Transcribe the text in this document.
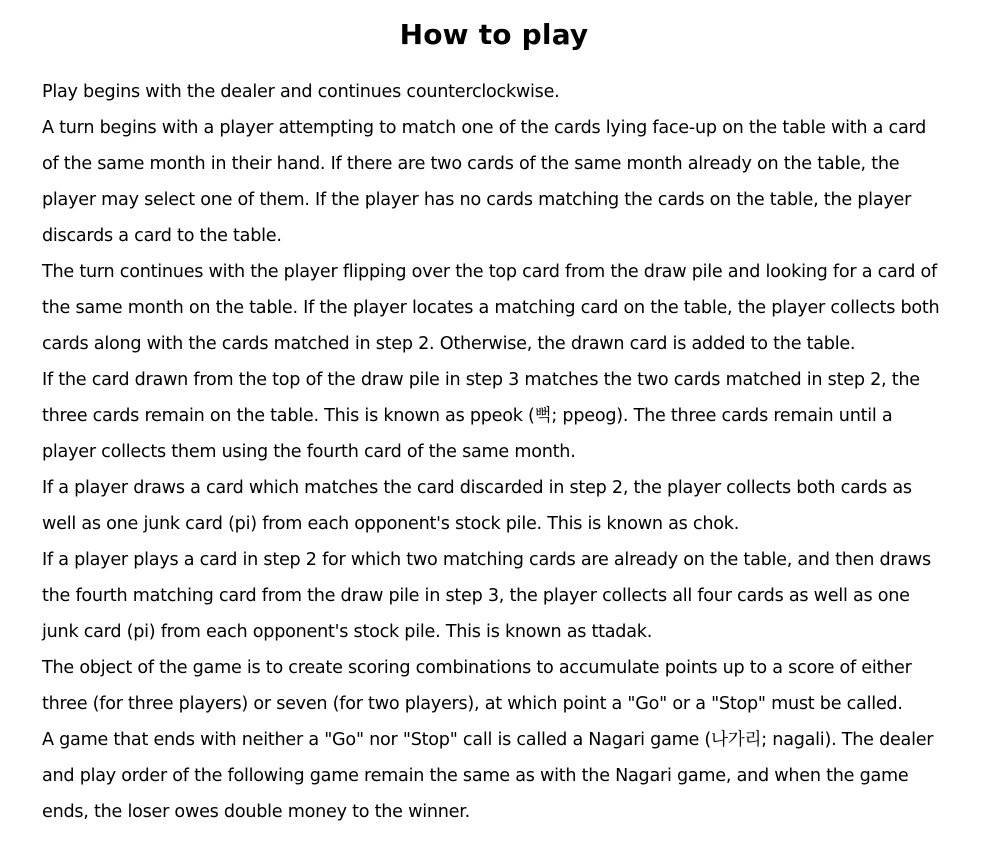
How to play
Play begins with the dealer and continues counterclockwise.
A turn begins with a player attempting to match one of the cards lying face-up on the table with a card of the same month in their hand. If there are two cards of the same month already on the table, the player may select one of them. If the player has no cards matching the cards on the table, the player discards a card to the table.
The turn continues with the player flipping over the top card from the draw pile and looking for a card of the same month on the table. If the player locates a matching card on the table, the player collects both cards along with the cards matched in step 2. Otherwise, the drawn card is added to the table.
If the card drawn from the top of the draw pile in step 3 matches the two cards matched in step 2, the three cards remain on the table. This is known as ppeok (뻑; ppeog). The three cards remain until a player collects them using the fourth card of the same month.
If a player draws a card which matches the card discarded in step 2, the player collects both cards as well as one junk card (pi) from each opponent's stock pile. This is known as chok.
If a player plays a card in step 2 for which two matching cards are already on the table, and then draws the fourth matching card from the draw pile in step 3, the player collects all four cards as well as one junk card (pi) from each opponent's stock pile. This is known as ttadak.
The object of the game is to create scoring combinations to accumulate points up to a score of either three (for three players) or seven (for two players), at which point a "Go" or a "Stop" must be called.
A game that ends with neither a "Go" nor "Stop" call is called a Nagari game (나가리; nagali). The dealer and play order of the following game remain the same as with the Nagari game, and when the game ends, the loser owes double money to the winner.
